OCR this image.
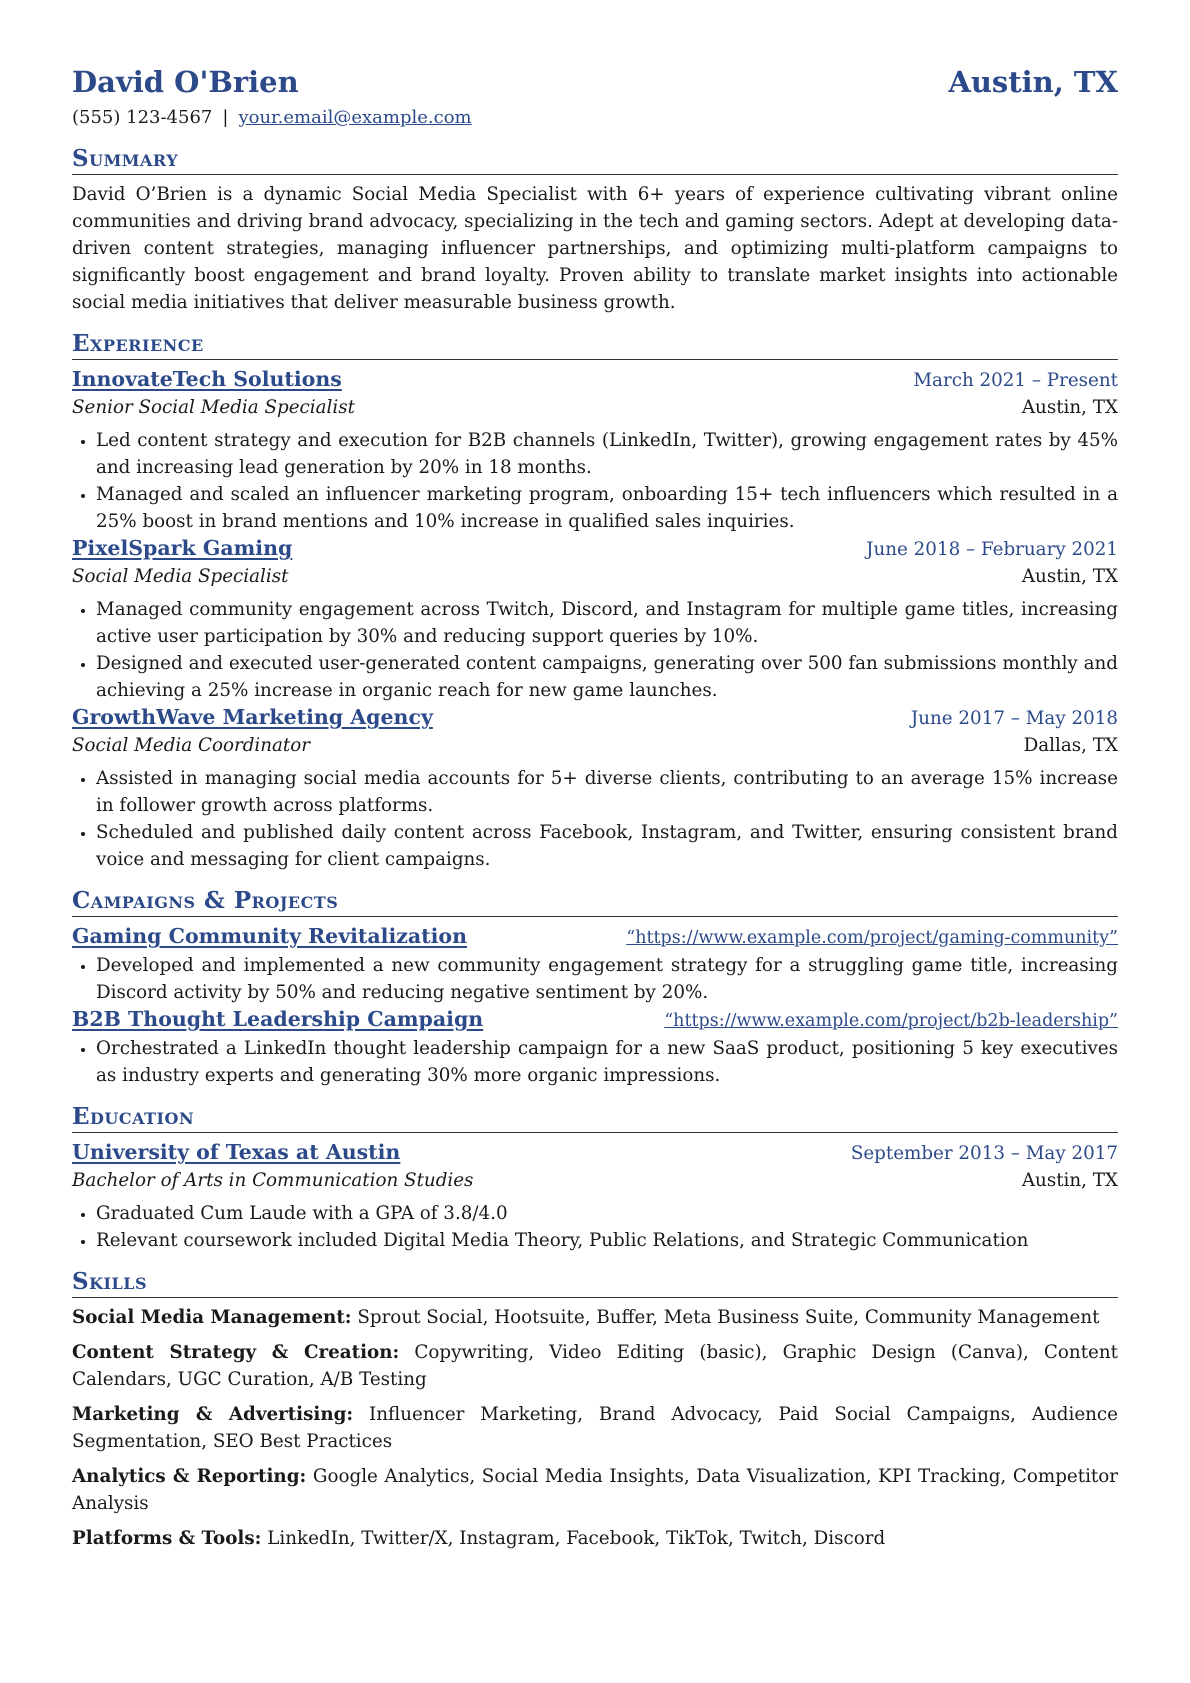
David O'Brien	Austin, TX
(555) 123-4567 | your.email@example.com
Summary

David O’Brien is a dynamic Social Media Specialist with 6+ years of experience cultivating vibrant online communities and driving brand advocacy, specializing in the tech and gaming sectors. Adept at developing data-driven content strategies, managing influencer partnerships, and optimizing multi-platform campaigns to significantly boost engagement and brand loyalty. Proven ability to translate market insights into actionable social media initiatives that deliver measurable business growth.

Experience
InnovateTech Solutions	March 2021 – Present
Senior Social Media Specialist	Austin, TX
• Led content strategy and execution for B2B channels (LinkedIn, Twitter), growing engagement rates by 45% and increasing lead generation by 20% in 18 months.
• Managed and scaled an influencer marketing program, onboarding 15+ tech influencers which resulted in a 25% boost in brand mentions and 10% increase in qualified sales inquiries.
PixelSpark Gaming	June 2018 – February 2021
Social Media Specialist	Austin, TX
• Managed community engagement across Twitch, Discord, and Instagram for multiple game titles, increasing active user participation by 30% and reducing support queries by 10%.
• Designed and executed user-generated content campaigns, generating over 500 fan submissions monthly and achieving a 25% increase in organic reach for new game launches.
GrowthWave Marketing Agency	June 2017 – May 2018
Social Media Coordinator	Dallas, TX
• Assisted in managing social media accounts for 5+ diverse clients, contributing to an average 15% increase in follower growth across platforms.
• Scheduled and published daily content across Facebook, Instagram, and Twitter, ensuring consistent brand voice and messaging for client campaigns.
Campaigns & Projects
Gaming Community Revitalization	“https://www.example.com/project/gaming-community”
• Developed and implemented a new community engagement strategy for a struggling game title, increasing Discord activity by 50% and reducing negative sentiment by 20%.
B2B Thought Leadership Campaign	“https://www.example.com/project/b2b-leadership”
• Orchestrated a LinkedIn thought leadership campaign for a new SaaS product, positioning 5 key executives as industry experts and generating 30% more organic impressions.
Education
University of Texas at Austin	September 2013 – May 2017
Bachelor of Arts in Communication Studies	Austin, TX
• Graduated Cum Laude with a GPA of 3.8/4.0
• Relevant coursework included Digital Media Theory, Public Relations, and Strategic Communication
Skills

Social Media Management: Sprout Social, Hootsuite, Buffer, Meta Business Suite, Community Management

Content Strategy & Creation: Copywriting, Video Editing (basic), Graphic Design (Canva), Content Calendars, UGC Curation, A/B Testing

Marketing & Advertising: Influencer Marketing, Brand Advocacy, Paid Social Campaigns, Audience Segmentation, SEO Best Practices

Analytics & Reporting: Google Analytics, Social Media Insights, Data Visualization, KPI Tracking, Competitor Analysis

Platforms & Tools: LinkedIn, Twitter/X, Instagram, Facebook, TikTok, Twitch, Discord
